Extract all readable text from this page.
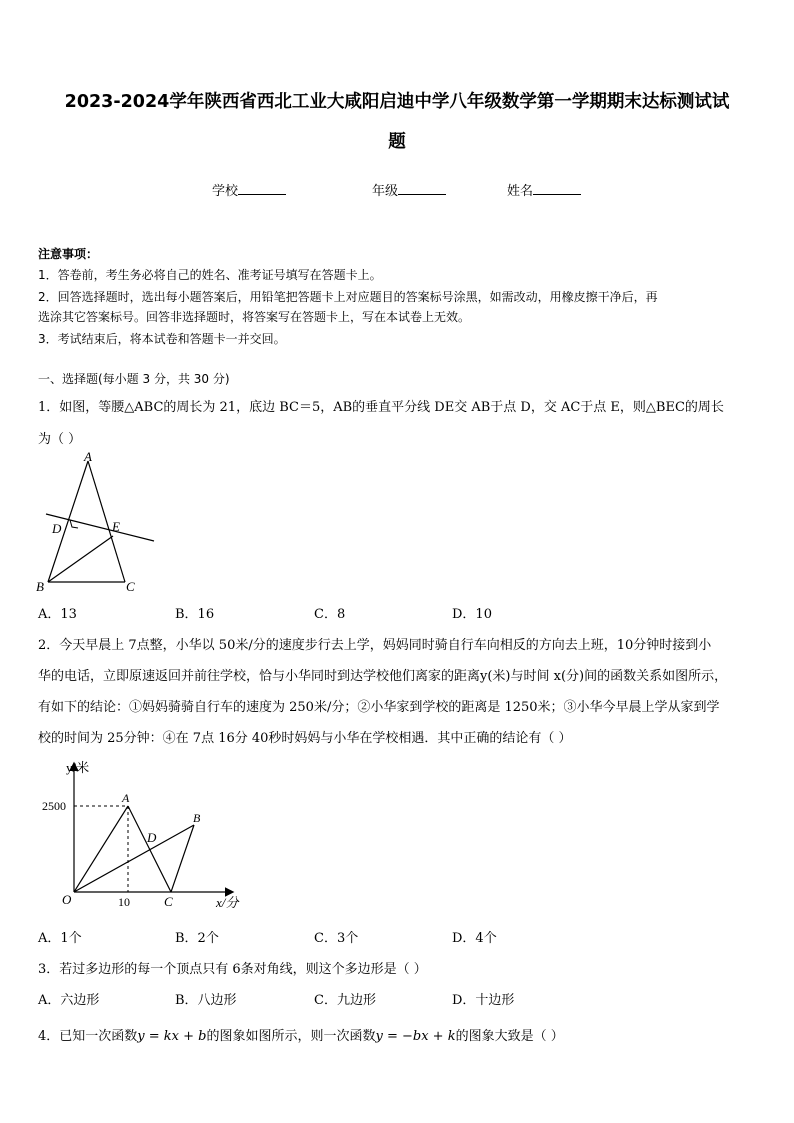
2023-2024学年陕西省西北工业大咸阳启迪中学八年级数学第一学期期末达标测试试
题
学校	年级	姓名
注意事项：
1．答卷前，考生务必将自己的姓名、准考证号填写在答题卡上。
2．回答选择题时，选出每小题答案后，用铅笔把答题卡上对应题目的答案标号涂黑，如需改动，用橡皮擦干净后，再
选涂其它答案标号。回答非选择题时，将答案写在答题卡上，写在本试卷上无效。
3．考试结束后，将本试卷和答题卡一并交回。
一、选择题(每小题 3 分，共 30 分)
1．如图，等腰△ABC的周长为 21，底边 BC＝5，AB的垂直平分线 DE交 AB于点 D，交 AC于点 E，则△BEC的周长
为（ ）
A
D	E
B	C
A．13	B．16	C．8	D．10
2．今天早晨上 7点整，小华以 50米/分的速度步行去上学，妈妈同时骑自行车向相反的方向去上班，10分钟时接到小
华的电话，立即原速返回并前往学校，恰与小华同时到达学校他们离家的距离y(米)与时间 x(分)间的函数关系如图所示，
有如下的结论：①妈妈骑骑自行车的速度为 250米/分；②小华家到学校的距离是 1250米；③小华今早晨上学从家到学
校的时间为 25分钟：④在 7点 16分 40秒时妈妈与小华在学校相遇．其中正确的结论有（ ）
y/米
x/分
2500
10
O
A
B
C
D
A．1个	B．2个	C．3个	D．4个
3．若过多边形的每一个顶点只有 6条对角线，则这个多边形是（ ）
A．六边形	B．八边形	C．九边形	D．十边形
4．已知一次函数y = kx + b的图象如图所示，则一次函数y = −bx + k的图象大致是（ ）
